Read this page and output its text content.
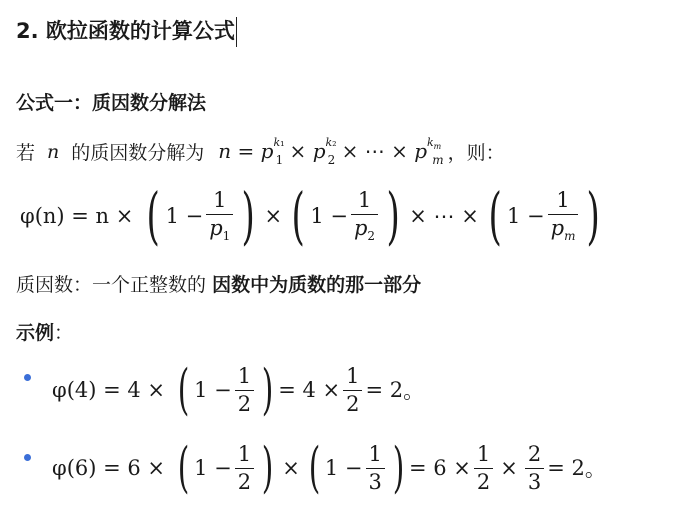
2. 欧拉函数的计算公式
公式一：质因数分解法
若 n 的质因数分解为 $n = p^{k_1}_1 \times p^{k_2}_2$ × ⋯ × $p^{k_m}_m$ ，则：
φ(n) = n × ( $1 - \frac{1}{p_1}$ ) × ( $1 - \frac{1}{p_2}$ ) × ⋯ × ( $1 - \frac{1}{p_m}$ )
质因数：一个正整数的 因数中为质数的那一部分
示例：
φ(4) = 4 × ( $1 - \frac{1}{2}$ ) = $4 \times \frac{1}{2} = 2$ 。
φ(6) = 6 × ( $1 - \frac{1}{2}$ ) × ( $1 - \frac{1}{3}$ ) = $6 \times \frac{1}{2} \times \frac{2}{3} = 2$ 。
